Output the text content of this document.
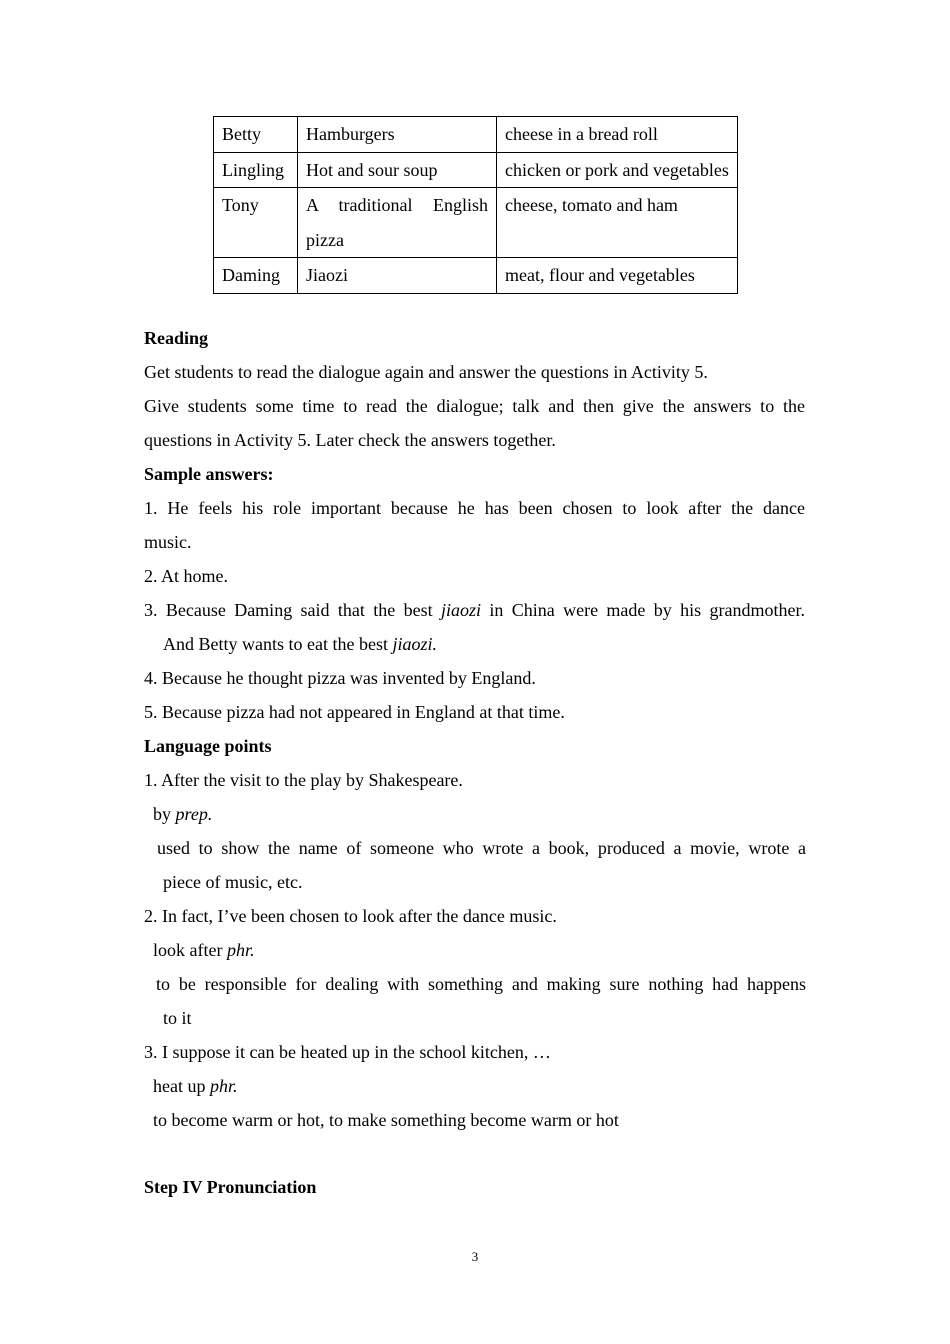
Betty	Hamburgers	cheese in a bread roll
Lingling	Hot and sour soup	chicken or pork and vegetables
Tony	A traditional English pizza	cheese, tomato and ham
Daming	Jiaozi	meat, flour and vegetables
Reading
Get students to read the dialogue again and answer the questions in Activity 5.
Give students some time to read the dialogue; talk and then give the answers to the
questions in Activity 5. Later check the answers together.
Sample answers:
1. He feels his role important because he has been chosen to look after the dance
music.
2. At home.
3. Because Daming said that the best jiaozi in China were made by his grandmother.
And Betty wants to eat the best jiaozi.
4. Because he thought pizza was invented by England.
5. Because pizza had not appeared in England at that time.
Language points
1. After the visit to the play by Shakespeare.
by prep.
used to show the name of someone who wrote a book, produced a movie, wrote a
piece of music, etc.
2. In fact, I’ve been chosen to look after the dance music.
look after phr.
to be responsible for dealing with something and making sure nothing had happens
to it
3. I suppose it can be heated up in the school kitchen, …
heat up phr.
to become warm or hot, to make something become warm or hot
Step IV Pronunciation
3
